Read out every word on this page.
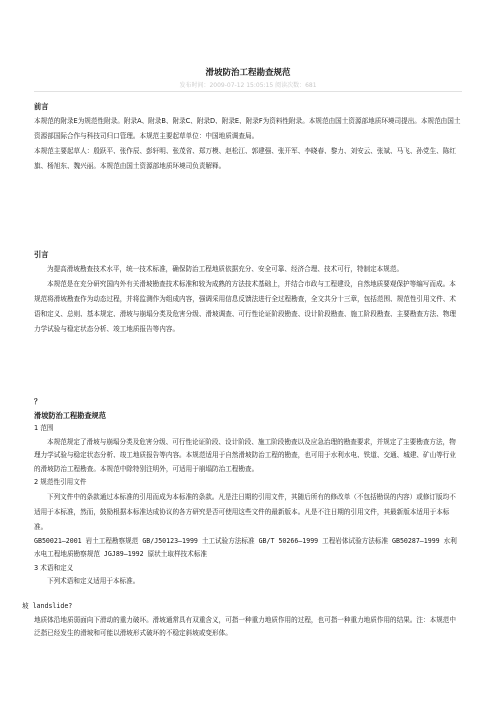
滑坡防治工程勘查规范
发布时间：2009-07-12 15:05:15 阅读次数：681

前言

本规范的附录E为规范性附录。附录A、附录B、附录C、附录D、附录E、附录F为资料性附录。本规范由国土资源部地质环境司提出。本规范由国土资源部国际合作与科技司归口管理。本规范主要起草单位：中国地质调查局。

本规范主要起草人：殷跃平、张作辰、彭轩明、张茂省、郑万模、赵松江、郭建强、张开军、李晓春、黎力、刘安云、张斌、马飞、孙党生、陈红旗、杨旭东、魏兴丽。本规范由国土资源部地质环境司负责解释。

引言

为提高滑坡勘查技术水平，统一技术标准，确保防治工程地质依据充分、安全可靠、经济合理、技术可行，特制定本规范。

本规范是在充分研究国内外有关滑坡勘查技术标准和较为成熟的方法技术基础上，并结合市政与工程建设，自然地质要观保护等编写而成。本规范将滑坡勘查作为动态过程，并将监测作为组成内容，强调采用信息反馈法进行全过程勘查，全文共分十三章，包括范围、规范性引用文件、术语和定义、总则、基本规定、滑坡与崩塌分类及危害分级、滑坡调查、可行性论证阶段勘查、设计阶段勘查、施工阶段勘查、主要勘查方法、物理力学试验与稳定状态分析、竣工地质报告等内容。

？

滑坡防治工程勘查规范

1 范围

本规范规定了滑坡与崩塌分类及危害分级、可行性论证阶段、设计阶段、施工阶段勘查以及应急治理的勘查要求，并规定了主要勘查方法，物理力学试验与稳定状态分析、竣工地质报告等内容。本规范适用于自然滑坡防治工程的勘查，也可用于水利水电、铁道、交通、城建、矿山等行业的滑坡防治工程勘查。本规范中除特别注明外，可适用于崩塌防治工程勘查。

2 规范性引用文件

下列文件中的条款通过本标准的引用而成为本标准的条款。凡是注日期的引用文件，其随后所有的修改单（不包括勘误的内容）或修订版均不适用于本标准，然而，鼓励根据本标准达成协议的各方研究是否可使用这些文件的最新版本。凡是不注日期的引用文件，其最新版本适用于本标准。

GB50021—2001 岩土工程勘察规范 GB/J50123—1999 土工试验方法标准 GB/T 50266—1999 工程岩体试验方法标准 GB50287—1999 水利水电工程地质勘察规范 JGJ89—1992 原状土取样技术标准

3 术语和定义

下列术语和定义适用于本标准。

坡 landslide?

地质体沿地质弱面向下滑动的重力破坏。滑坡通常具有双重含义，可指一种重力地质作用的过程，也可指一种重力地质作用的结果。注：本规范中泛指已经发生的滑坡和可能以滑坡形式破坏的不稳定斜坡或变形体。
